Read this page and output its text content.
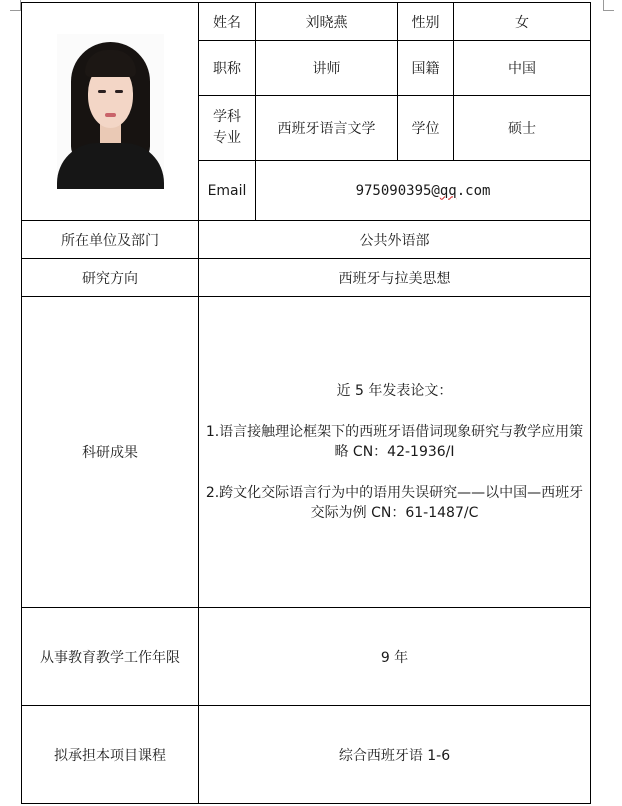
	姓名	刘晓燕	性别	女
	职称	讲师	国籍	中国
	学科
专业	西班牙语言文学	学位	硕士
	Email	975090395@qq.com		
所在单位及部门	公共外语部			
研究方向	西班牙与拉美思想			
科研成果	近 5 年发表论文：

1.语言接触理论框架下的西班牙语借词现象研究与教学应用策略 CN：42-1936/I

2.跨文化交际语言行为中的语用失误研究——以中国—西班牙交际为例 CN：61-1487/C			

从事教育教学工作年限	9 年			
拟承担本项目课程	综合西班牙语 1-6			
